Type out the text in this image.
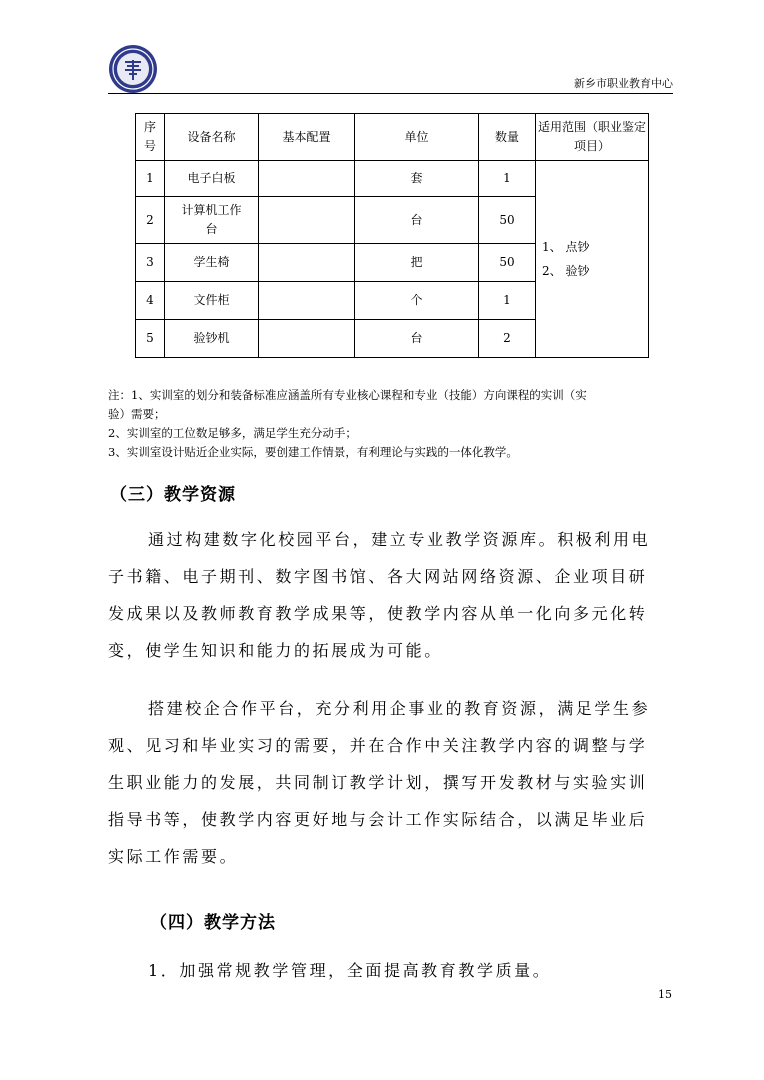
新乡市职业教育中心
序号	设备名称	基本配置	单位	数量	适用范围（职业鉴定项目）
1	电子白板		套	1	1、 点钞
2、 验钞

2	计算机工作台		台	50	
3	学生椅		把	50	
4	文件柜		个	1	
5	验钞机		台	2	
注：1、实训室的划分和装备标准应涵盖所有专业核心课程和专业（技能）方向课程的实训（实
验）需要；
2、实训室的工位数足够多，满足学生充分动手；
3、实训室设计贴近企业实际，要创建工作情景，有利理论与实践的一体化教学。
（三）教学资源
通过构建数字化校园平台，建立专业教学资源库。积极利用电
子书籍、电子期刊、数字图书馆、各大网站网络资源、企业项目研
发成果以及教师教育教学成果等，使教学内容从单一化向多元化转
变，使学生知识和能力的拓展成为可能。
搭建校企合作平台，充分利用企事业的教育资源，满足学生参
观、见习和毕业实习的需要，并在合作中关注教学内容的调整与学
生职业能力的发展，共同制订教学计划，撰写开发教材与实验实训
指导书等，使教学内容更好地与会计工作实际结合，以满足毕业后
实际工作需要。
（四）教学方法
1．加强常规教学管理，全面提高教育教学质量。
15
